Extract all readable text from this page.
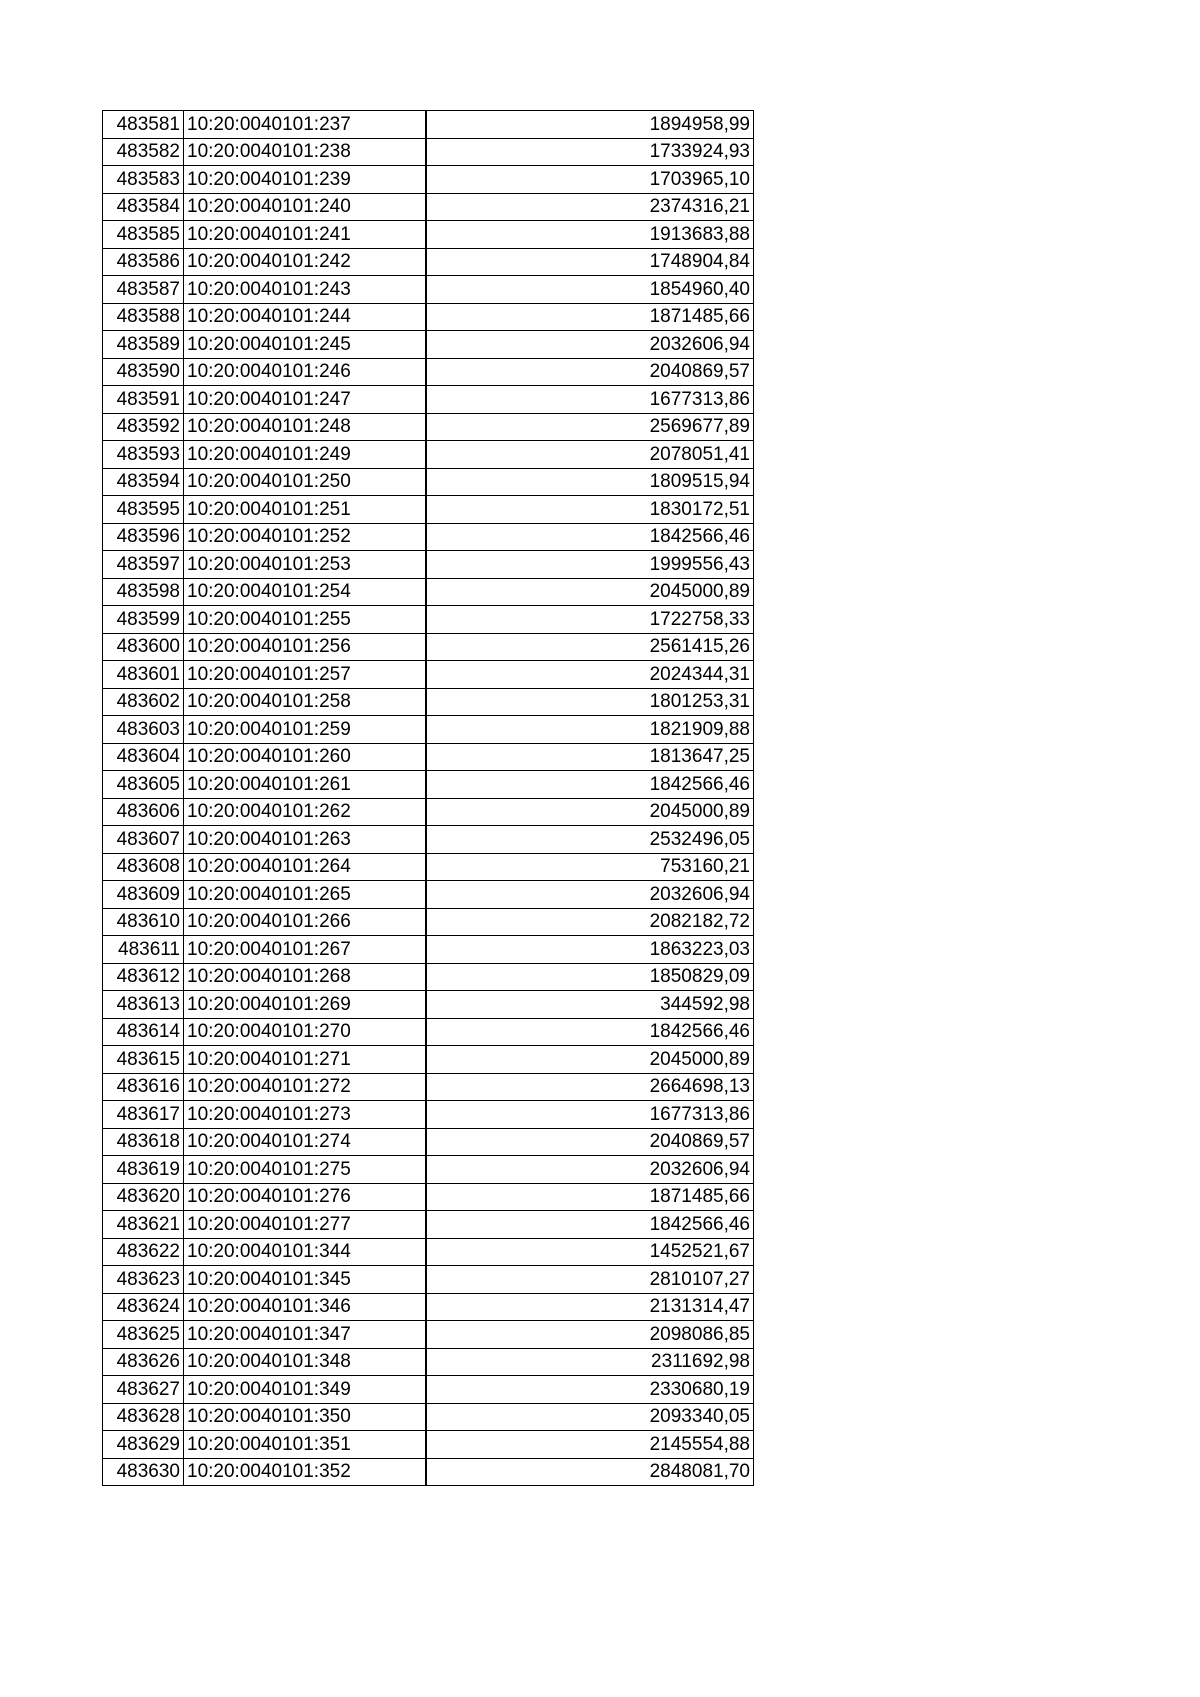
483581	10:20:0040101:237	1894958,99
483582	10:20:0040101:238	1733924,93
483583	10:20:0040101:239	1703965,10
483584	10:20:0040101:240	2374316,21
483585	10:20:0040101:241	1913683,88
483586	10:20:0040101:242	1748904,84
483587	10:20:0040101:243	1854960,40
483588	10:20:0040101:244	1871485,66
483589	10:20:0040101:245	2032606,94
483590	10:20:0040101:246	2040869,57
483591	10:20:0040101:247	1677313,86
483592	10:20:0040101:248	2569677,89
483593	10:20:0040101:249	2078051,41
483594	10:20:0040101:250	1809515,94
483595	10:20:0040101:251	1830172,51
483596	10:20:0040101:252	1842566,46
483597	10:20:0040101:253	1999556,43
483598	10:20:0040101:254	2045000,89
483599	10:20:0040101:255	1722758,33
483600	10:20:0040101:256	2561415,26
483601	10:20:0040101:257	2024344,31
483602	10:20:0040101:258	1801253,31
483603	10:20:0040101:259	1821909,88
483604	10:20:0040101:260	1813647,25
483605	10:20:0040101:261	1842566,46
483606	10:20:0040101:262	2045000,89
483607	10:20:0040101:263	2532496,05
483608	10:20:0040101:264	753160,21
483609	10:20:0040101:265	2032606,94
483610	10:20:0040101:266	2082182,72
483611	10:20:0040101:267	1863223,03
483612	10:20:0040101:268	1850829,09
483613	10:20:0040101:269	344592,98
483614	10:20:0040101:270	1842566,46
483615	10:20:0040101:271	2045000,89
483616	10:20:0040101:272	2664698,13
483617	10:20:0040101:273	1677313,86
483618	10:20:0040101:274	2040869,57
483619	10:20:0040101:275	2032606,94
483620	10:20:0040101:276	1871485,66
483621	10:20:0040101:277	1842566,46
483622	10:20:0040101:344	1452521,67
483623	10:20:0040101:345	2810107,27
483624	10:20:0040101:346	2131314,47
483625	10:20:0040101:347	2098086,85
483626	10:20:0040101:348	2311692,98
483627	10:20:0040101:349	2330680,19
483628	10:20:0040101:350	2093340,05
483629	10:20:0040101:351	2145554,88
483630	10:20:0040101:352	2848081,70
